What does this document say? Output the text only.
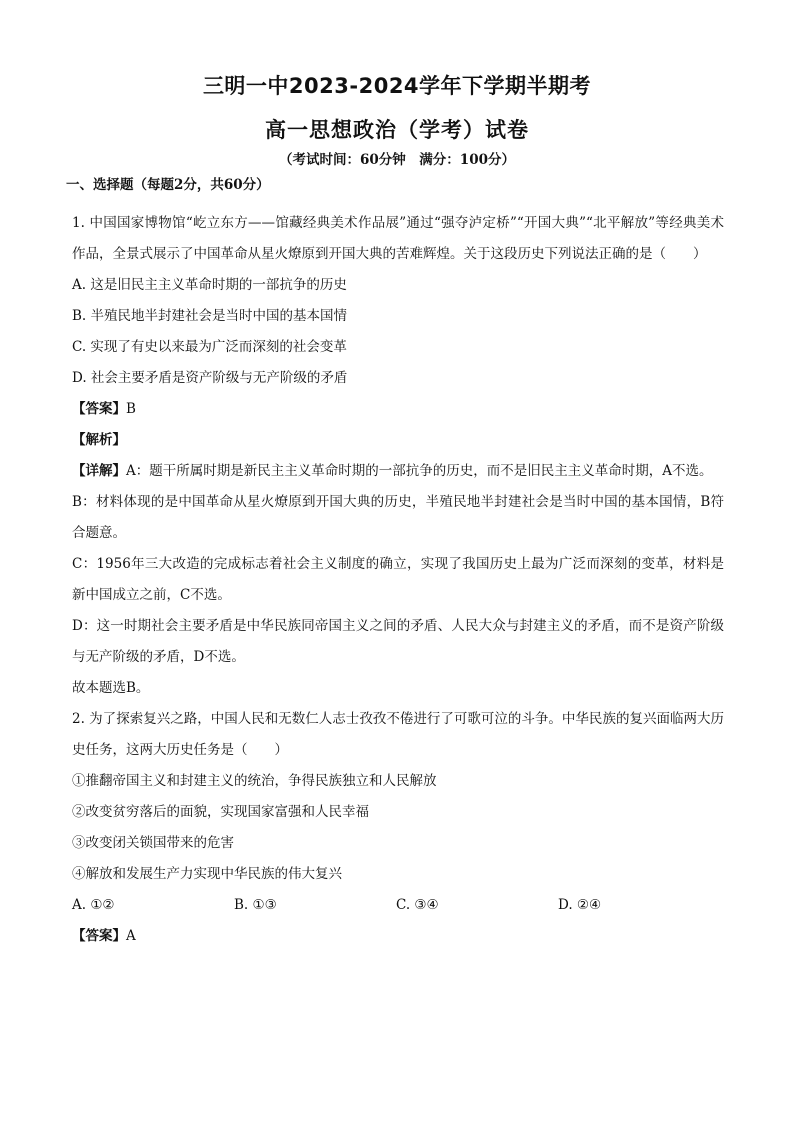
三明一中2023-2024学年下学期半期考
高一思想政治（学考）试卷
（考试时间：60分钟　满分：100分）
一、选择题（每题2分，共60分）
1. 中国国家博物馆“屹立东方——馆藏经典美术作品展”通过“强夺泸定桥”“开国大典”“北平解放”等经典美术作品，全景式展示了中国革命从星火燎原到开国大典的苦难辉煌。关于这段历史下列说法正确的是（　　）
A. 这是旧民主主义革命时期的一部抗争的历史
B. 半殖民地半封建社会是当时中国的基本国情
C. 实现了有史以来最为广泛而深刻的社会变革
D. 社会主要矛盾是资产阶级与无产阶级的矛盾
【答案】B
【解析】
【详解】A：题干所属时期是新民主主义革命时期的一部抗争的历史，而不是旧民主主义革命时期，A不选。
B：材料体现的是中国革命从星火燎原到开国大典的历史，半殖民地半封建社会是当时中国的基本国情，B符合题意。
C：1956年三大改造的完成标志着社会主义制度的确立，实现了我国历史上最为广泛而深刻的变革，材料是新中国成立之前，C不选。
D：这一时期社会主要矛盾是中华民族同帝国主义之间的矛盾、人民大众与封建主义的矛盾，而不是资产阶级与无产阶级的矛盾，D不选。
故本题选B。
2. 为了探索复兴之路，中国人民和无数仁人志士孜孜不倦进行了可歌可泣的斗争。中华民族的复兴面临两大历史任务，这两大历史任务是（　　）
①推翻帝国主义和封建主义的统治，争得民族独立和人民解放
②改变贫穷落后的面貌，实现国家富强和人民幸福
③改变闭关锁国带来的危害
④解放和发展生产力实现中华民族的伟大复兴
A. ①②	B. ①③	C. ③④	D. ②④
【答案】A
